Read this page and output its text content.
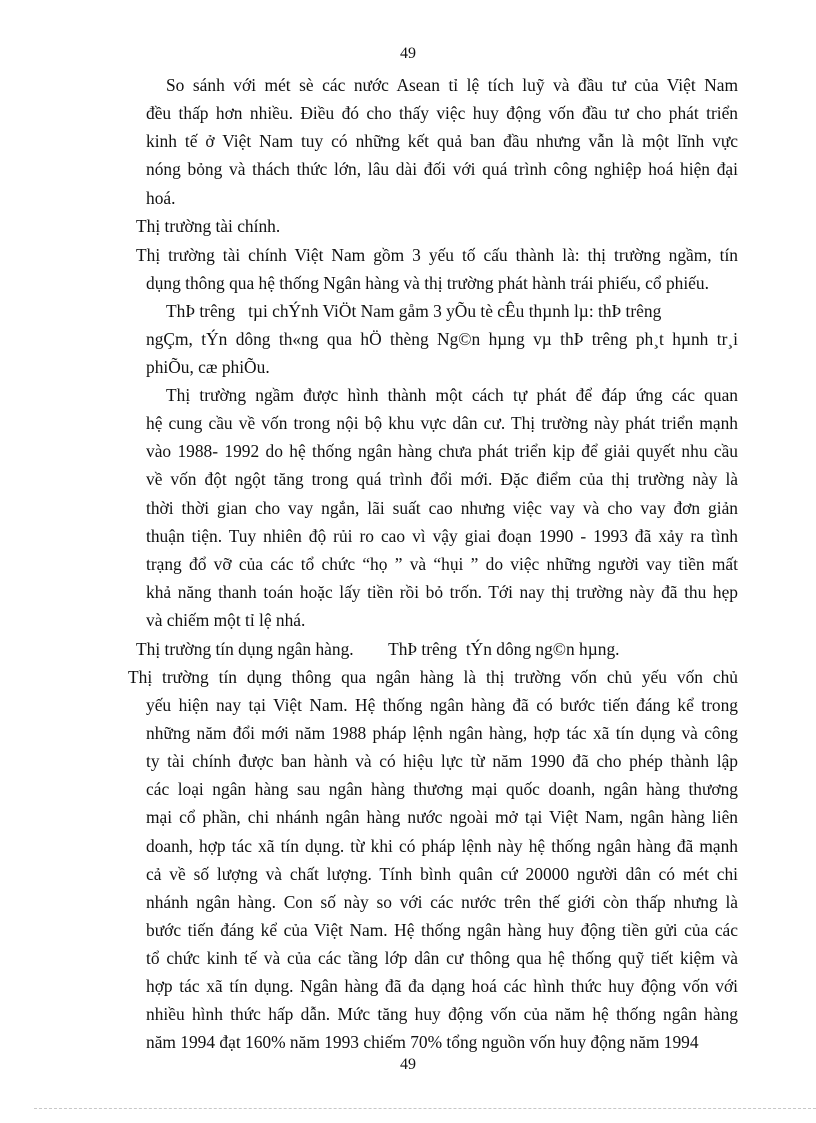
49
So sánh với mét sè các nước Asean tỉ lệ tích luỹ và đầu tư của Việt Nam
đều thấp hơn nhiều. Điều đó cho thấy việc huy động vốn đầu tư cho phát triển
kinh tế ở Việt Nam tuy có những kết quả ban đầu nhưng vẫn là một lĩnh vực
nóng bỏng và thách thức lớn, lâu dài đối với quá trình công nghiệp hoá hiện đại
hoá.
Thị trường tài chính.
Thị trường tài chính Việt Nam gồm 3 yếu tố cấu thành là: thị trường ngầm, tín
dụng thông qua hệ thống Ngân hàng và thị trường phát hành trái phiếu, cổ phiếu.
ThÞ trêng   tµi chÝnh ViÖt Nam gåm 3 yÕu tè cÊu thµnh lµ: thÞ trêng
ngÇm, tÝn dông th«ng qua hÖ thèng Ng©n hµng vµ thÞ trêng ph¸t hµnh tr¸i
phiÕu, cæ phiÕu.
Thị trường ngầm được hình thành một cách tự phát để đáp ứng các quan
hệ cung cầu về vốn trong nội bộ khu vực dân cư. Thị trường này phát triển mạnh
vào 1988- 1992 do hệ thống ngân hàng chưa phát triển kịp để giải quyết nhu cầu
về vốn đột ngột tăng trong quá trình đổi mới. Đặc điểm của thị trường này là
thời thời gian cho vay ngắn, lãi suất cao nhưng việc vay và cho vay đơn giản
thuận tiện. Tuy nhiên độ rủi ro cao vì vậy giai đoạn 1990 - 1993 đã xảy ra tình
trạng đổ vỡ của các tổ chức “họ ” và “hụi ” do việc những người vay tiền mất
khả năng thanh toán hoặc lấy tiền rồi bỏ trốn. Tới nay thị trường này đã thu hẹp
và chiếm một tỉ lệ nhá.
Thị trường tín dụng ngân hàng.        ThÞ trêng  tÝn dông ng©n hµng.
Thị trường tín dụng thông qua ngân hàng là thị trường vốn chủ yếu vốn chủ
yếu hiện nay tại Việt Nam. Hệ thống ngân hàng đã có bước tiến đáng kể trong
những năm đổi mới năm 1988 pháp lệnh ngân hàng, hợp tác xã tín dụng và công
ty tài chính được ban hành và có hiệu lực từ năm 1990 đã cho phép thành lập
các loại ngân hàng sau ngân hàng thương mại quốc doanh, ngân hàng thương
mại cổ phần, chi nhánh ngân hàng nước ngoài mở tại Việt Nam, ngân hàng liên
doanh, hợp tác xã tín dụng. từ khi có pháp lệnh này hệ thống ngân hàng đã mạnh
cả về số lượng và chất lượng. Tính bình quân cứ 20000 người dân có mét chi
nhánh ngân hàng. Con số này so với các nước trên thế giới còn thấp nhưng là
bước tiến đáng kể của Việt Nam. Hệ thống ngân hàng huy động tiền gửi của các
tổ chức kinh tế và của các tầng lớp dân cư thông qua hệ thống quỹ tiết kiệm và
hợp tác xã tín dụng. Ngân hàng đã đa dạng hoá các hình thức huy động vốn với
nhiều hình thức hấp dẫn. Mức tăng huy động vốn của năm hệ thống ngân hàng
năm 1994 đạt 160% năm 1993 chiếm 70% tổng nguồn vốn huy động năm 1994
49
